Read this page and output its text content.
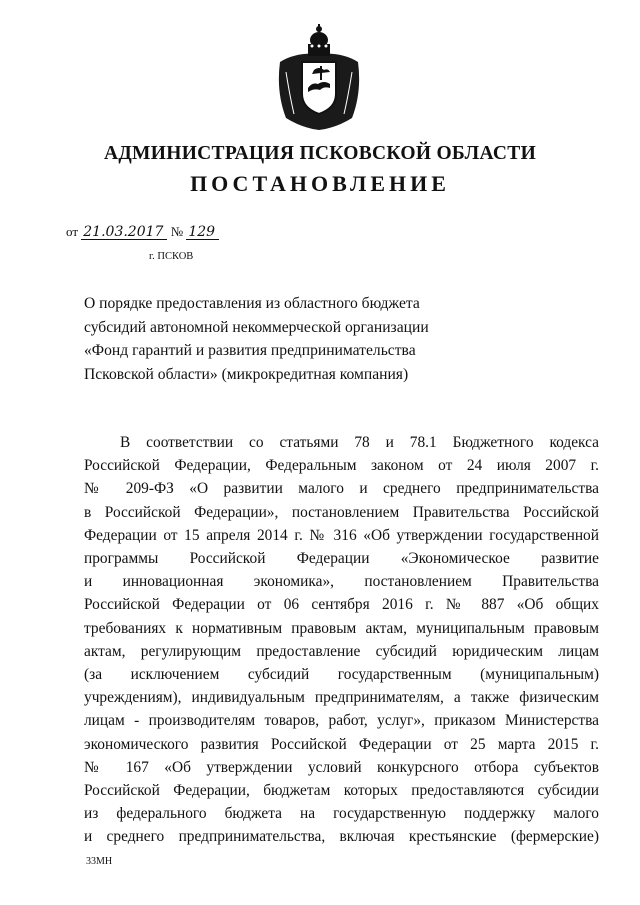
АДМИНИСТРАЦИЯ ПСКОВСКОЙ ОБЛАСТИ
ПОСТАНОВЛЕНИЕ
от 21.03.2017 № 129
г. ПСКОВ
О порядке предоставления из областного бюджета
субсидий автономной некоммерческой организации
«Фонд гарантий и развития предпринимательства
Псковской области» (микрокредитная компания)
В соответствии со статьями 78 и 78.1 Бюджетного кодекса
Российской Федерации, Федеральным законом от 24 июля 2007 г.
№ 209-ФЗ «О развитии малого и среднего предпринимательства
в Российской Федерации», постановлением Правительства Российской
Федерации от 15 апреля 2014 г. № 316 «Об утверждении государственной
программы Российской Федерации «Экономическое развитие
и инновационная экономика», постановлением Правительства
Российской Федерации от 06 сентября 2016 г. № 887 «Об общих
требованиях к нормативным правовым актам, муниципальным правовым
актам, регулирующим предоставление субсидий юридическим лицам
(за исключением субсидий государственным (муниципальным)
учреждениям), индивидуальным предпринимателям, а также физическим
лицам - производителям товаров, работ, услуг», приказом Министерства
экономического развития Российской Федерации от 25 марта 2015 г.
№ 167 «Об утверждении условий конкурсного отбора субъектов
Российской Федерации, бюджетам которых предоставляются субсидии
из федерального бюджета на государственную поддержку малого
и среднего предпринимательства, включая крестьянские (фермерские)
33МН
